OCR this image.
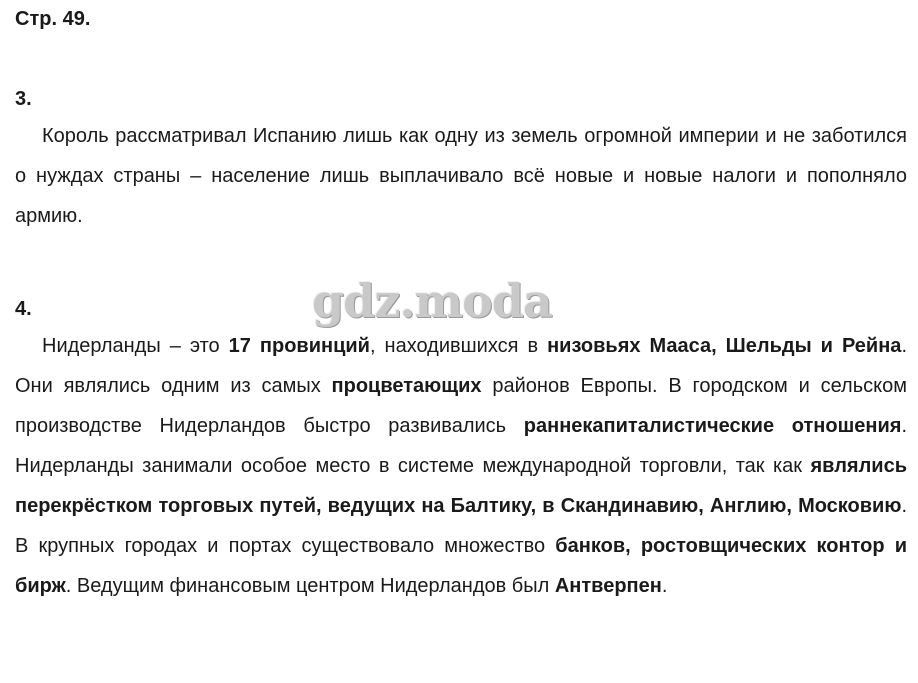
Стр. 49.

3.

Король рассматривал Испанию лишь как одну из земель огромной империи и не заботился о нуждах страны – население лишь выплачивало всё новые и новые налоги и пополняло армию.

4.

Нидерланды – это 17 провинций, находившихся в низовьях Мааса, Шельды и Рейна. Они являлись одним из самых процветающих районов Европы. В городском и сельском производстве Нидерландов быстро развивались раннекапиталистические отношения. Нидерланды занимали особое место в системе международной торговли, так как являлись перекрёстком торговых путей, ведущих на Балтику, в Скандинавию, Англию, Московию. В крупных городах и портах существовало множество банков, ростовщических контор и бирж. Ведущим финансовым центром Нидерландов был Антверпен.

gdz.moda
